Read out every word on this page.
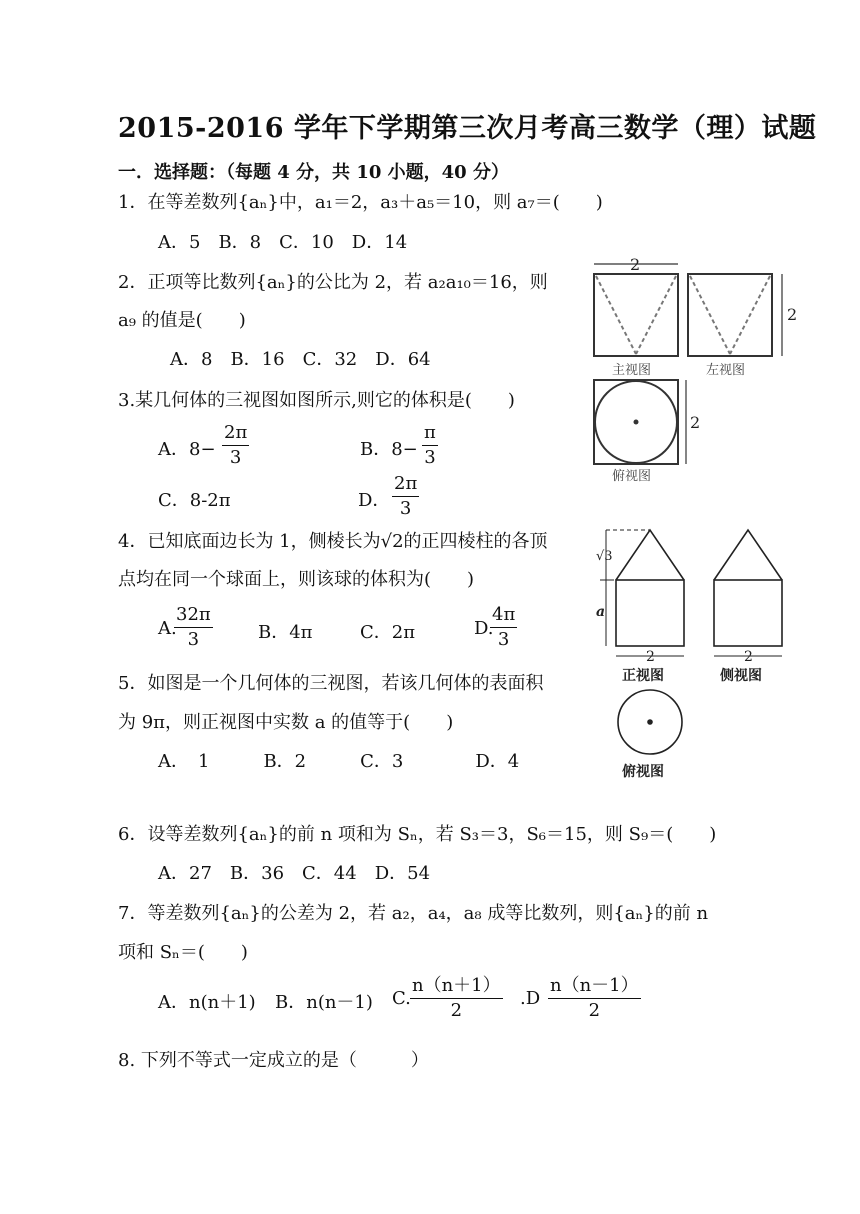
2015-2016 学年下学期第三次月考高三数学（理）试题
一．选择题：（每题 4 分，共 10 小题，40 分）
1．在等差数列{aₙ}中，a₁＝2，a₃＋a₅＝10，则 a₇＝(　　)
A．5　B．8　C．10　D．14
2．正项等比数列{aₙ}的公比为 2，若 a₂a₁₀＝16，则
a₉ 的值是(　　)
A．8　B．16　C．32　D．64
3.某几何体的三视图如图所示,则它的体积是(　　)
A．$8- \frac{2\pi}{3}$	B．$8- \frac{\pi}{3}$
C．8-2π	D． $\frac{2\pi}{3}$
2
2
2
主视图	左视图
俯视图
4．已知底面边长为 1，侧棱长为√2的正四棱柱的各顶
点均在同一个球面上，则该球的体积为(　　)
A.
$\frac{32\pi}{3}$	B．4π	C．2π	D.
$\frac{4\pi}{3}$
5．如图是一个几何体的三视图，若该几何体的表面积
为 9π，则正视图中实数 a 的值等于(　　)
A．　1　　　B．2　　　C．3　　　　D．4
√3
a
2	2
正视图	侧视图
俯视图
6．设等差数列{aₙ}的前 n 项和为 Sₙ，若 S₃＝3，S₆＝15，则 S₉＝(　　)
A．27　B．36　C．44　D．54
7．等差数列{aₙ}的公差为 2，若 a₂，a₄，a₈ 成等比数列，则{aₙ}的前 n
项和 Sₙ＝(　　)
A．n(n＋1) B．n(n－1) C. $\frac{n(n+1)}{2} .D \frac{n(n-1)}{2}$
8. 下列不等式一定成立的是（　　　）
